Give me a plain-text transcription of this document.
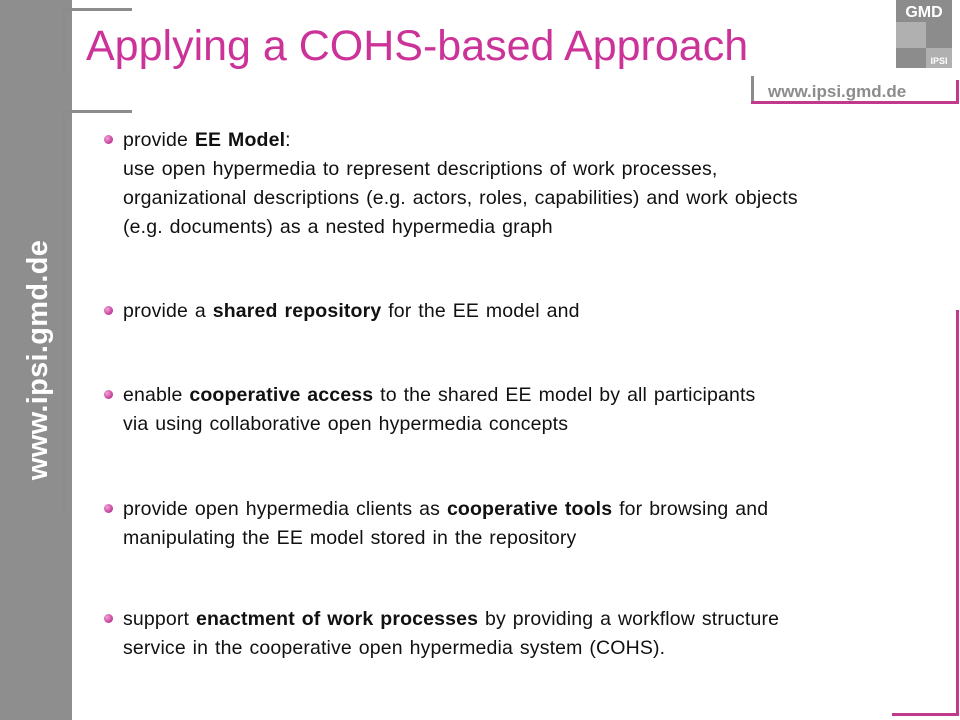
www.ipsi.gmd.de
Applying a COHS-based Approach
GMD
IPSI
www.ipsi.gmd.de
provide EE Model:
use open hypermedia to represent descriptions of work processes,
organizational descriptions (e.g. actors, roles, capabilities) and work objects
(e.g. documents) as a nested hypermedia graph
provide a shared repository for the EE model and
enable cooperative access to the shared EE model by all participants
via using collaborative open hypermedia concepts
provide open hypermedia clients as cooperative tools for browsing and
manipulating the EE model stored in the repository
support enactment of work processes by providing a workflow structure
service in the cooperative open hypermedia system (COHS).
